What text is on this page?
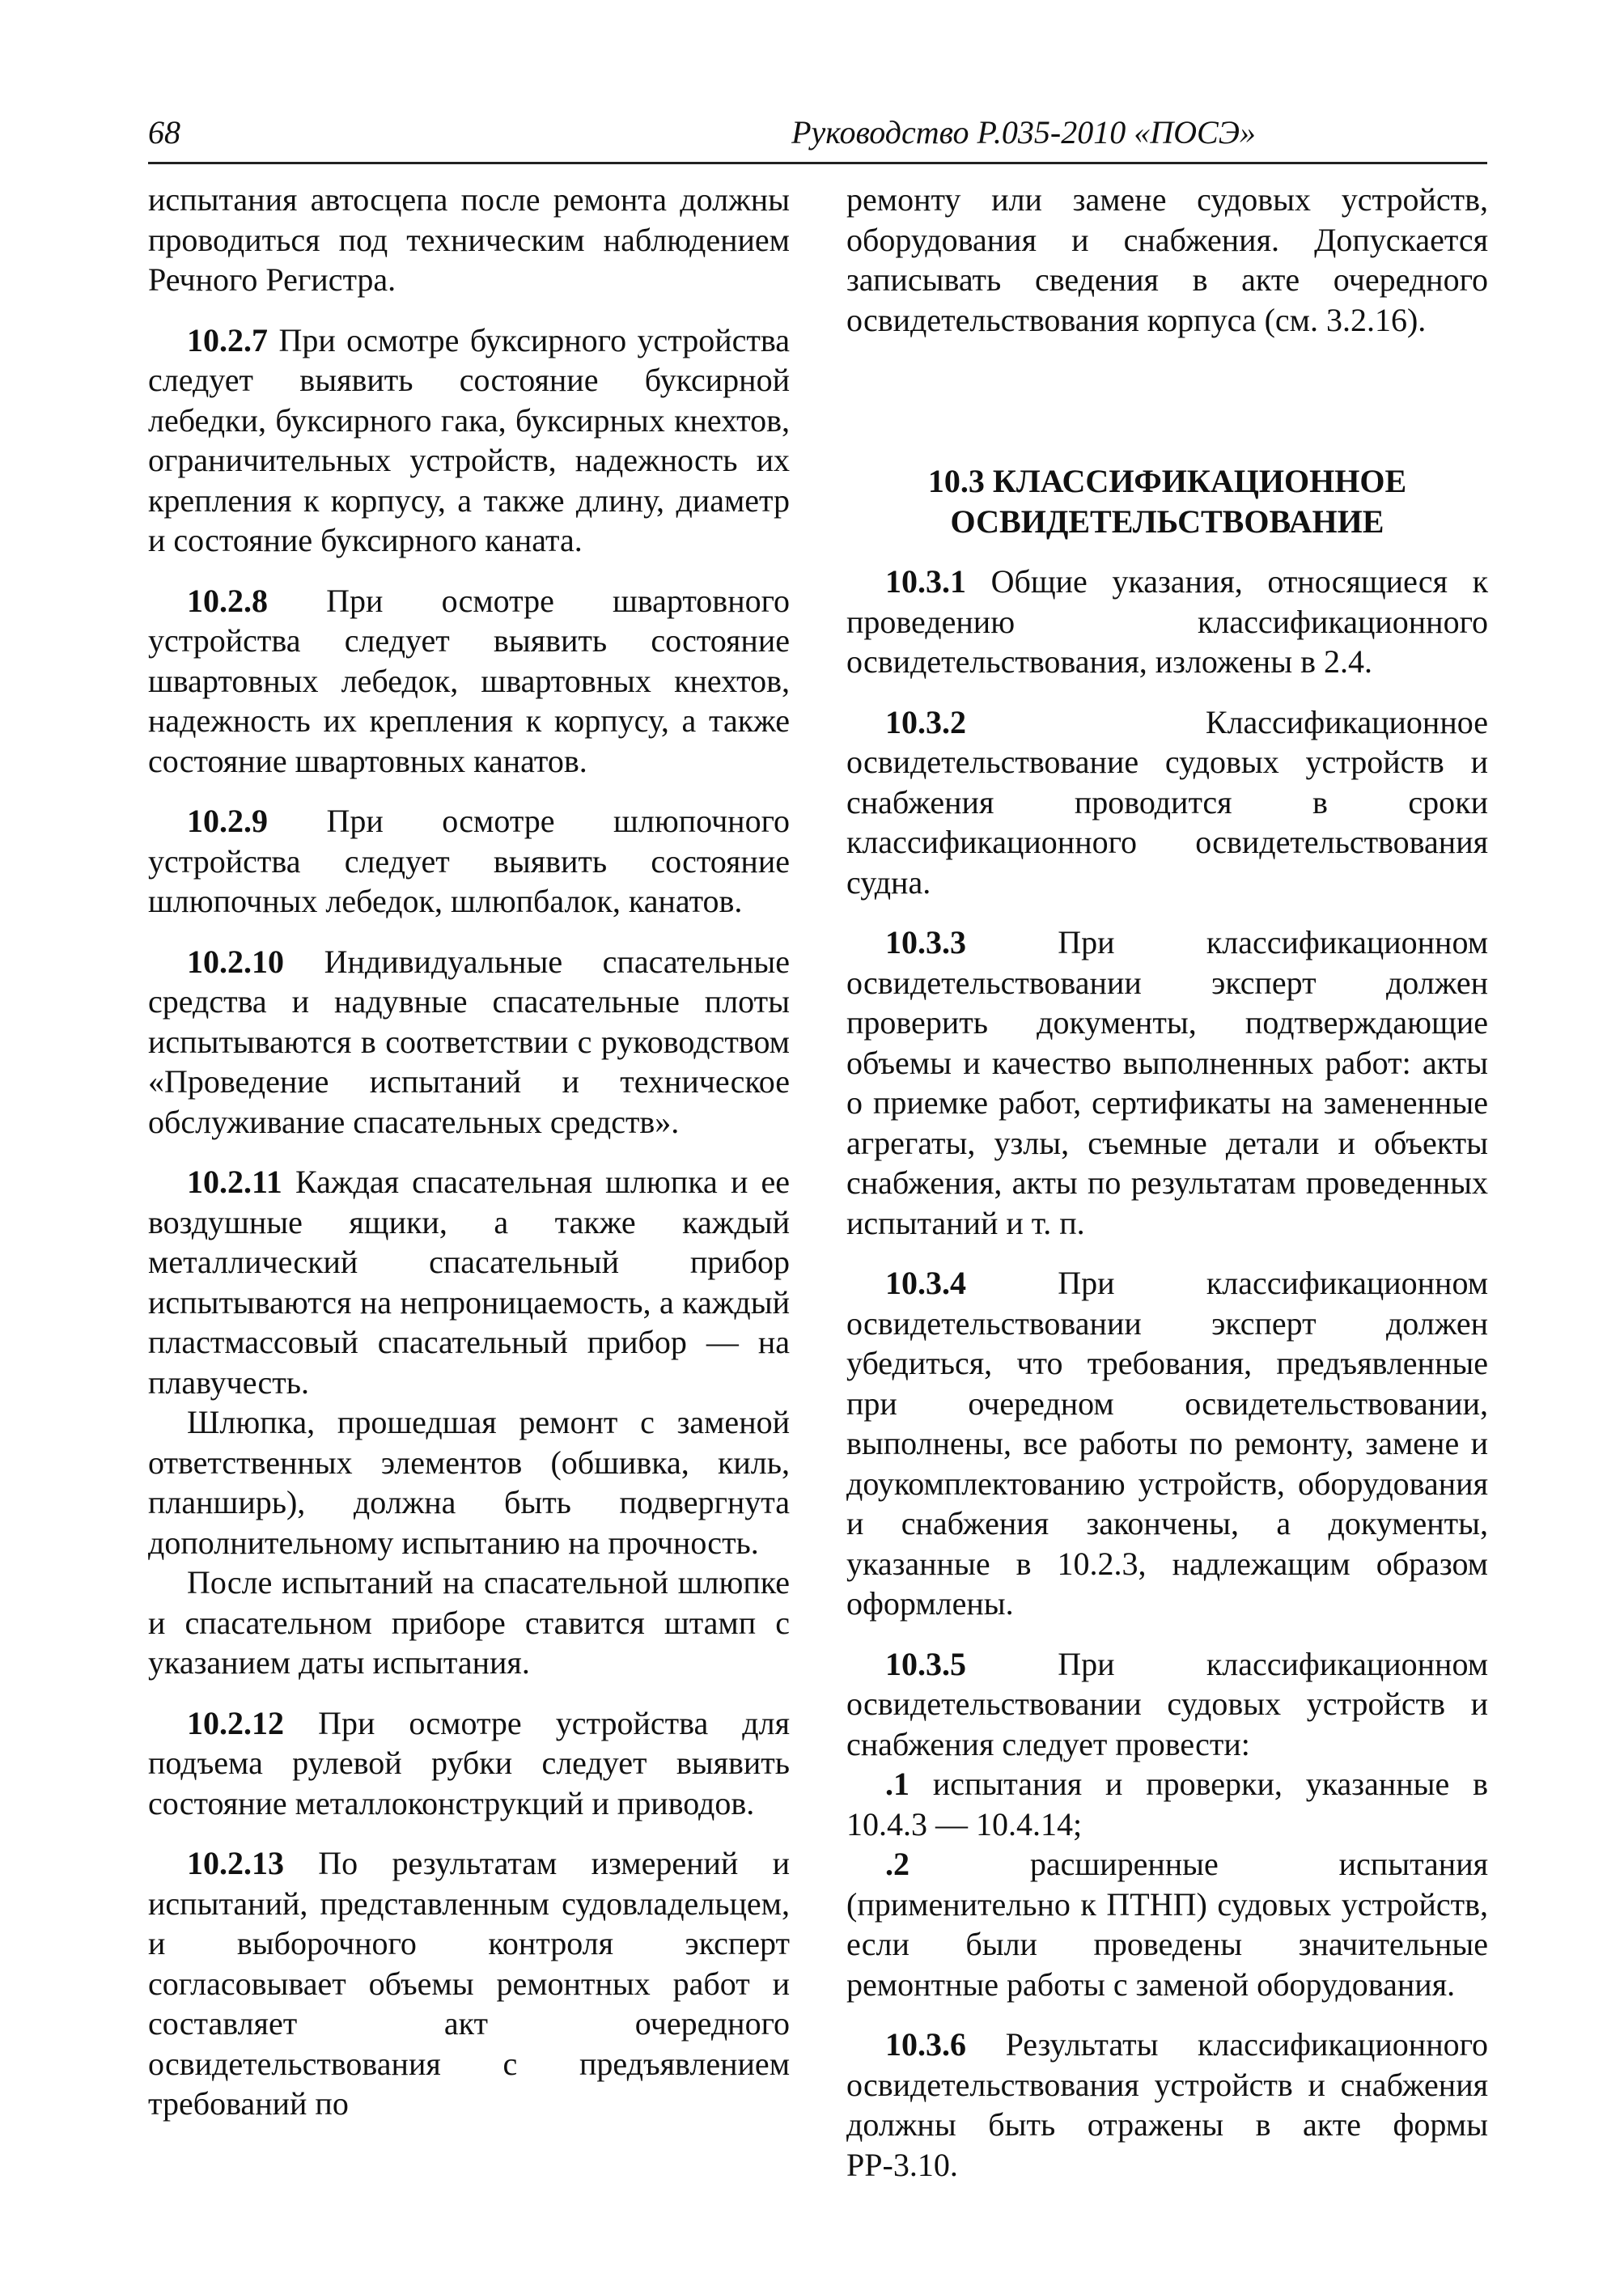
68	Руководство Р.035-2010 «ПОСЭ»

испытания автосцепа после ремонта должны проводиться под техническим наблюдением Речного Регистра.

10.2.7 При осмотре буксирного устройства следует выявить состояние буксирной лебедки, буксирного гака, буксирных кнехтов, ограничительных устройств, надежность их крепления к корпусу, а также длину, диаметр и состояние буксирного каната.

10.2.8 При осмотре швартовного устройства следует выявить состояние швартовных лебедок, швартовных кнехтов, надежность их крепления к корпусу, а также состояние швартовных канатов.

10.2.9 При осмотре шлюпочного устройства следует выявить состояние шлюпочных лебедок, шлюпбалок, канатов.

10.2.10 Индивидуальные спасательные средства и надувные спасательные плоты испытываются в соответствии с руководством «Проведение испытаний и техническое обслуживание спасательных средств».

10.2.11 Каждая спасательная шлюпка и ее воздушные ящики, а также каждый металлический спасательный прибор испытываются на непроницаемость, а каждый пластмассовый спасательный прибор — на плавучесть.

Шлюпка, прошедшая ремонт с заменой ответственных элементов (обшивка, киль, планширь), должна быть подвергнута дополнительному испытанию на прочность.

После испытаний на спасательной шлюпке и спасательном приборе ставится штамп с указанием даты испытания.

10.2.12 При осмотре устройства для подъема рулевой рубки следует выявить состояние металлоконструкций и приводов.

10.2.13 По результатам измерений и испытаний, представленным судовладельцем, и выборочного контроля эксперт согласовывает объемы ремонтных работ и составляет акт очередного освидетельствования с предъявлением требований по

ремонту или замене судовых устройств, оборудования и снабжения. Допускается записывать сведения в акте очередного освидетельствования корпуса (см. 3.2.16).

10.3 КЛАССИФИКАЦИОННОЕ
ОСВИДЕТЕЛЬСТВОВАНИЕ

10.3.1 Общие указания, относящиеся к проведению классификационного освидетельствования, изложены в 2.4.

10.3.2	Классификационное освидетельствование судовых устройств и снабжения проводится в сроки классификационного освидетельствования судна.

10.3.3	При классификационном освидетельствовании эксперт должен проверить документы, подтверждающие объемы и качество выполненных работ: акты о приемке работ, сертификаты на замененные агрегаты, узлы, съемные детали и объекты снабжения, акты по результатам проведенных испытаний и т. п.

10.3.4	При классификационном освидетельствовании эксперт должен убедиться, что требования, предъявленные при очередном освидетельствовании, выполнены, все работы по ремонту, замене и доукомплектованию устройств, оборудования и снабжения закончены, а документы, указанные в 10.2.3, надлежащим образом оформлены.

10.3.5	При классификационном освидетельствовании судовых устройств и снабжения следует провести:

.1 испытания и проверки, указанные в 10.4.3 — 10.4.14;

.2	расширенные испытания (применительно к ПТНП) судовых устройств, если были проведены значительные ремонтные работы с заменой оборудования.

10.3.6 Результаты классификационного освидетельствования устройств и снабжения должны быть отражены в акте формы РР-3.10.
